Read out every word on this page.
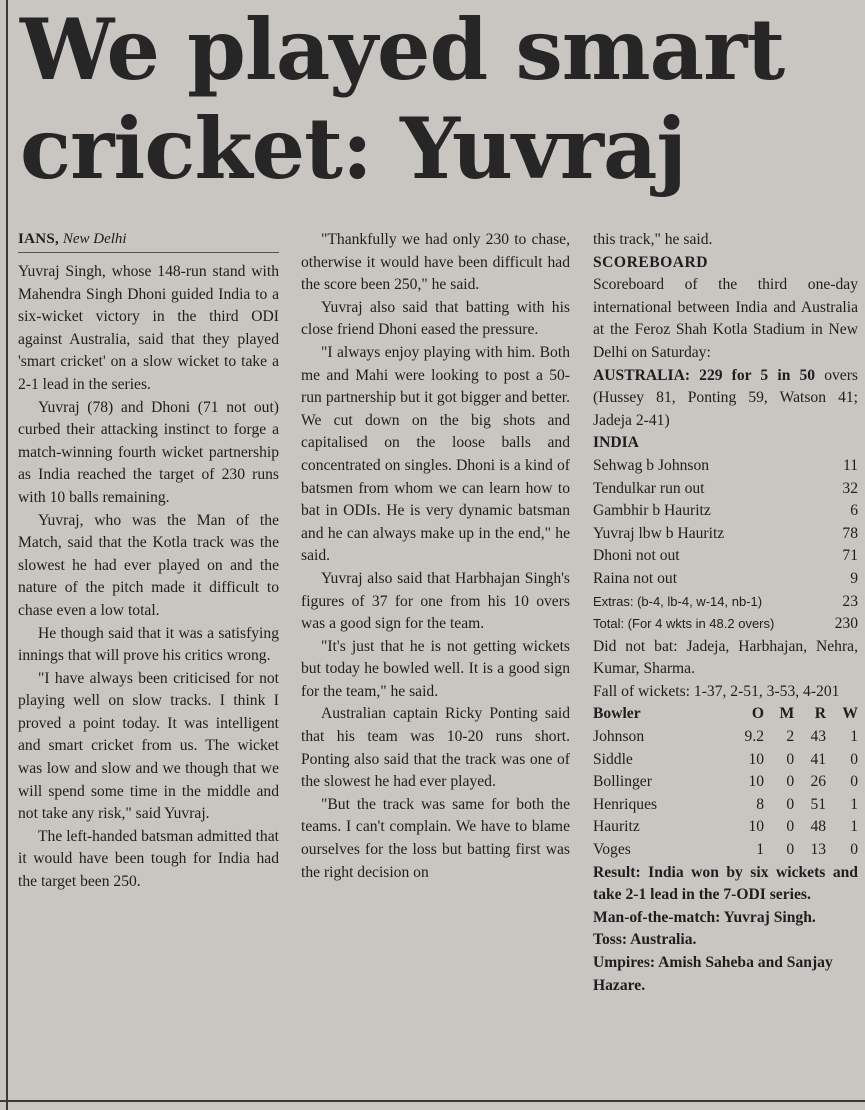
We played smart
cricket: Yuvraj
IANS, New Delhi

Yuvraj Singh, whose 148-run stand with Mahendra Singh Dhoni guided India to a six-wicket victory in the third ODI against Australia, said that they played 'smart cricket' on a slow wicket to take a 2-1 lead in the series.

Yuvraj (78) and Dhoni (71 not out) curbed their attacking instinct to forge a match-winning fourth wicket partnership as India reached the target of 230 runs with 10 balls remaining.

Yuvraj, who was the Man of the Match, said that the Kotla track was the slowest he had ever played on and the nature of the pitch made it difficult to chase even a low total.

He though said that it was a satisfying innings that will prove his critics wrong.

"I have always been criticised for not playing well on slow tracks. I think I proved a point today. It was intelligent and smart cricket from us. The wicket was low and slow and we though that we will spend some time in the middle and not take any risk," said Yuvraj.

The left-handed batsman admitted that it would have been tough for India had the target been 250.

"Thankfully we had only 230 to chase, otherwise it would have been difficult had the score been 250," he said.

Yuvraj also said that batting with his close friend Dhoni eased the pressure.

"I always enjoy playing with him. Both me and Mahi were looking to post a 50-run partnership but it got bigger and better. We cut down on the big shots and capitalised on the loose balls and concentrated on singles. Dhoni is a kind of batsmen from whom we can learn how to bat in ODIs. He is very dynamic batsman and he can always make up in the end," he said.

Yuvraj also said that Harbhajan Singh's figures of 37 for one from his 10 overs was a good sign for the team.

"It's just that he is not getting wickets but today he bowled well. It is a good sign for the team," he said.

Australian captain Ricky Ponting said that his team was 10-20 runs short. Ponting also said that the track was one of the slowest he had ever played.

"But the track was same for both the teams. I can't complain. We have to blame ourselves for the loss but batting first was the right decision on

this track," he said.

SCOREBOARD

Scoreboard of the third one-day international between India and Australia at the Feroz Shah Kotla Stadium in New Delhi on Saturday:

AUSTRALIA: 229 for 5 in 50 overs (Hussey 81, Ponting 59, Watson 41; Jadeja 2-41)

INDIA
Sehwag b Johnson	11
Tendulkar run out	32
Gambhir b Hauritz	6
Yuvraj lbw b Hauritz	78
Dhoni not out	71
Raina not out	9
Extras: (b-4, lb-4, w-14, nb-1)	23
Total: (For 4 wkts in 48.2 overs)	230

Did not bat: Jadeja, Harbhajan, Nehra, Kumar, Sharma.

Fall of wickets: 1-37, 2-51, 3-53, 4-201

Bowler	O	M	R	W
Johnson	9.2	2	43	1
Siddle	10	0	41	0
Bollinger	10	0	26	0
Henriques	8	0	51	1
Hauritz	10	0	48	1
Voges	1	0	13	0

Result: India won by six wickets and take 2-1 lead in the 7-ODI series.

Man-of-the-match: Yuvraj Singh.

Toss: Australia.

Umpires: Amish Saheba and Sanjay Hazare.
